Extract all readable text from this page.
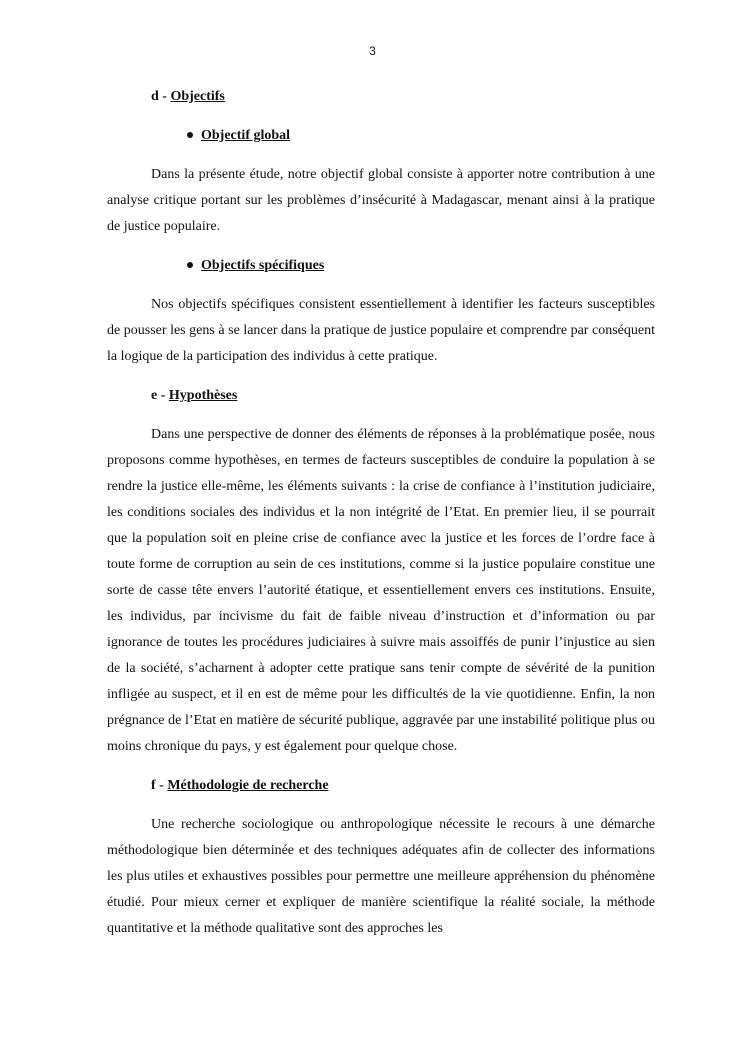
3

d - Objectifs

Objectif global

Dans la présente étude, notre objectif global consiste à apporter notre contribution à une analyse critique portant sur les problèmes d’insécurité à Madagascar, menant ainsi à la pratique de justice populaire.

Objectifs spécifiques

Nos objectifs spécifiques consistent essentiellement à identifier les facteurs susceptibles de pousser les gens à se lancer dans la pratique de justice populaire et comprendre par conséquent la logique de la participation des individus à cette pratique.

e - Hypothèses

Dans une perspective de donner des éléments de réponses à la problématique posée, nous proposons comme hypothèses, en termes de facteurs susceptibles de conduire la population à se rendre la justice elle-même, les éléments suivants : la crise de confiance à l’institution judiciaire, les conditions sociales des individus et la non intégrité de l’Etat. En premier lieu, il se pourrait que la population soit en pleine crise de confiance avec la justice et les forces de l’ordre face à toute forme de corruption au sein de ces institutions, comme si la justice populaire constitue une sorte de casse tête envers l’autorité étatique, et essentiellement envers ces institutions. Ensuite, les individus, par incivisme du fait de faible niveau d’instruction et d’information ou par ignorance de toutes les procédures judiciaires à suivre mais assoiffés de punir l’injustice au sien de la société, s’acharnent à adopter cette pratique sans tenir compte de sévérité de la punition infligée au suspect, et il en est de même pour les difficultés de la vie quotidienne. Enfin, la non prégnance de l’Etat en matière de sécurité publique, aggravée par une instabilité politique plus ou moins chronique du pays, y est également pour quelque chose.

f - Méthodologie de recherche

Une recherche sociologique ou anthropologique nécessite le recours à une démarche méthodologique bien déterminée et des techniques adéquates afin de collecter des informations les plus utiles et exhaustives possibles pour permettre une meilleure appréhension du phénomène étudié. Pour mieux cerner et expliquer de manière scientifique la réalité sociale, la méthode quantitative et la méthode qualitative sont des approches les
